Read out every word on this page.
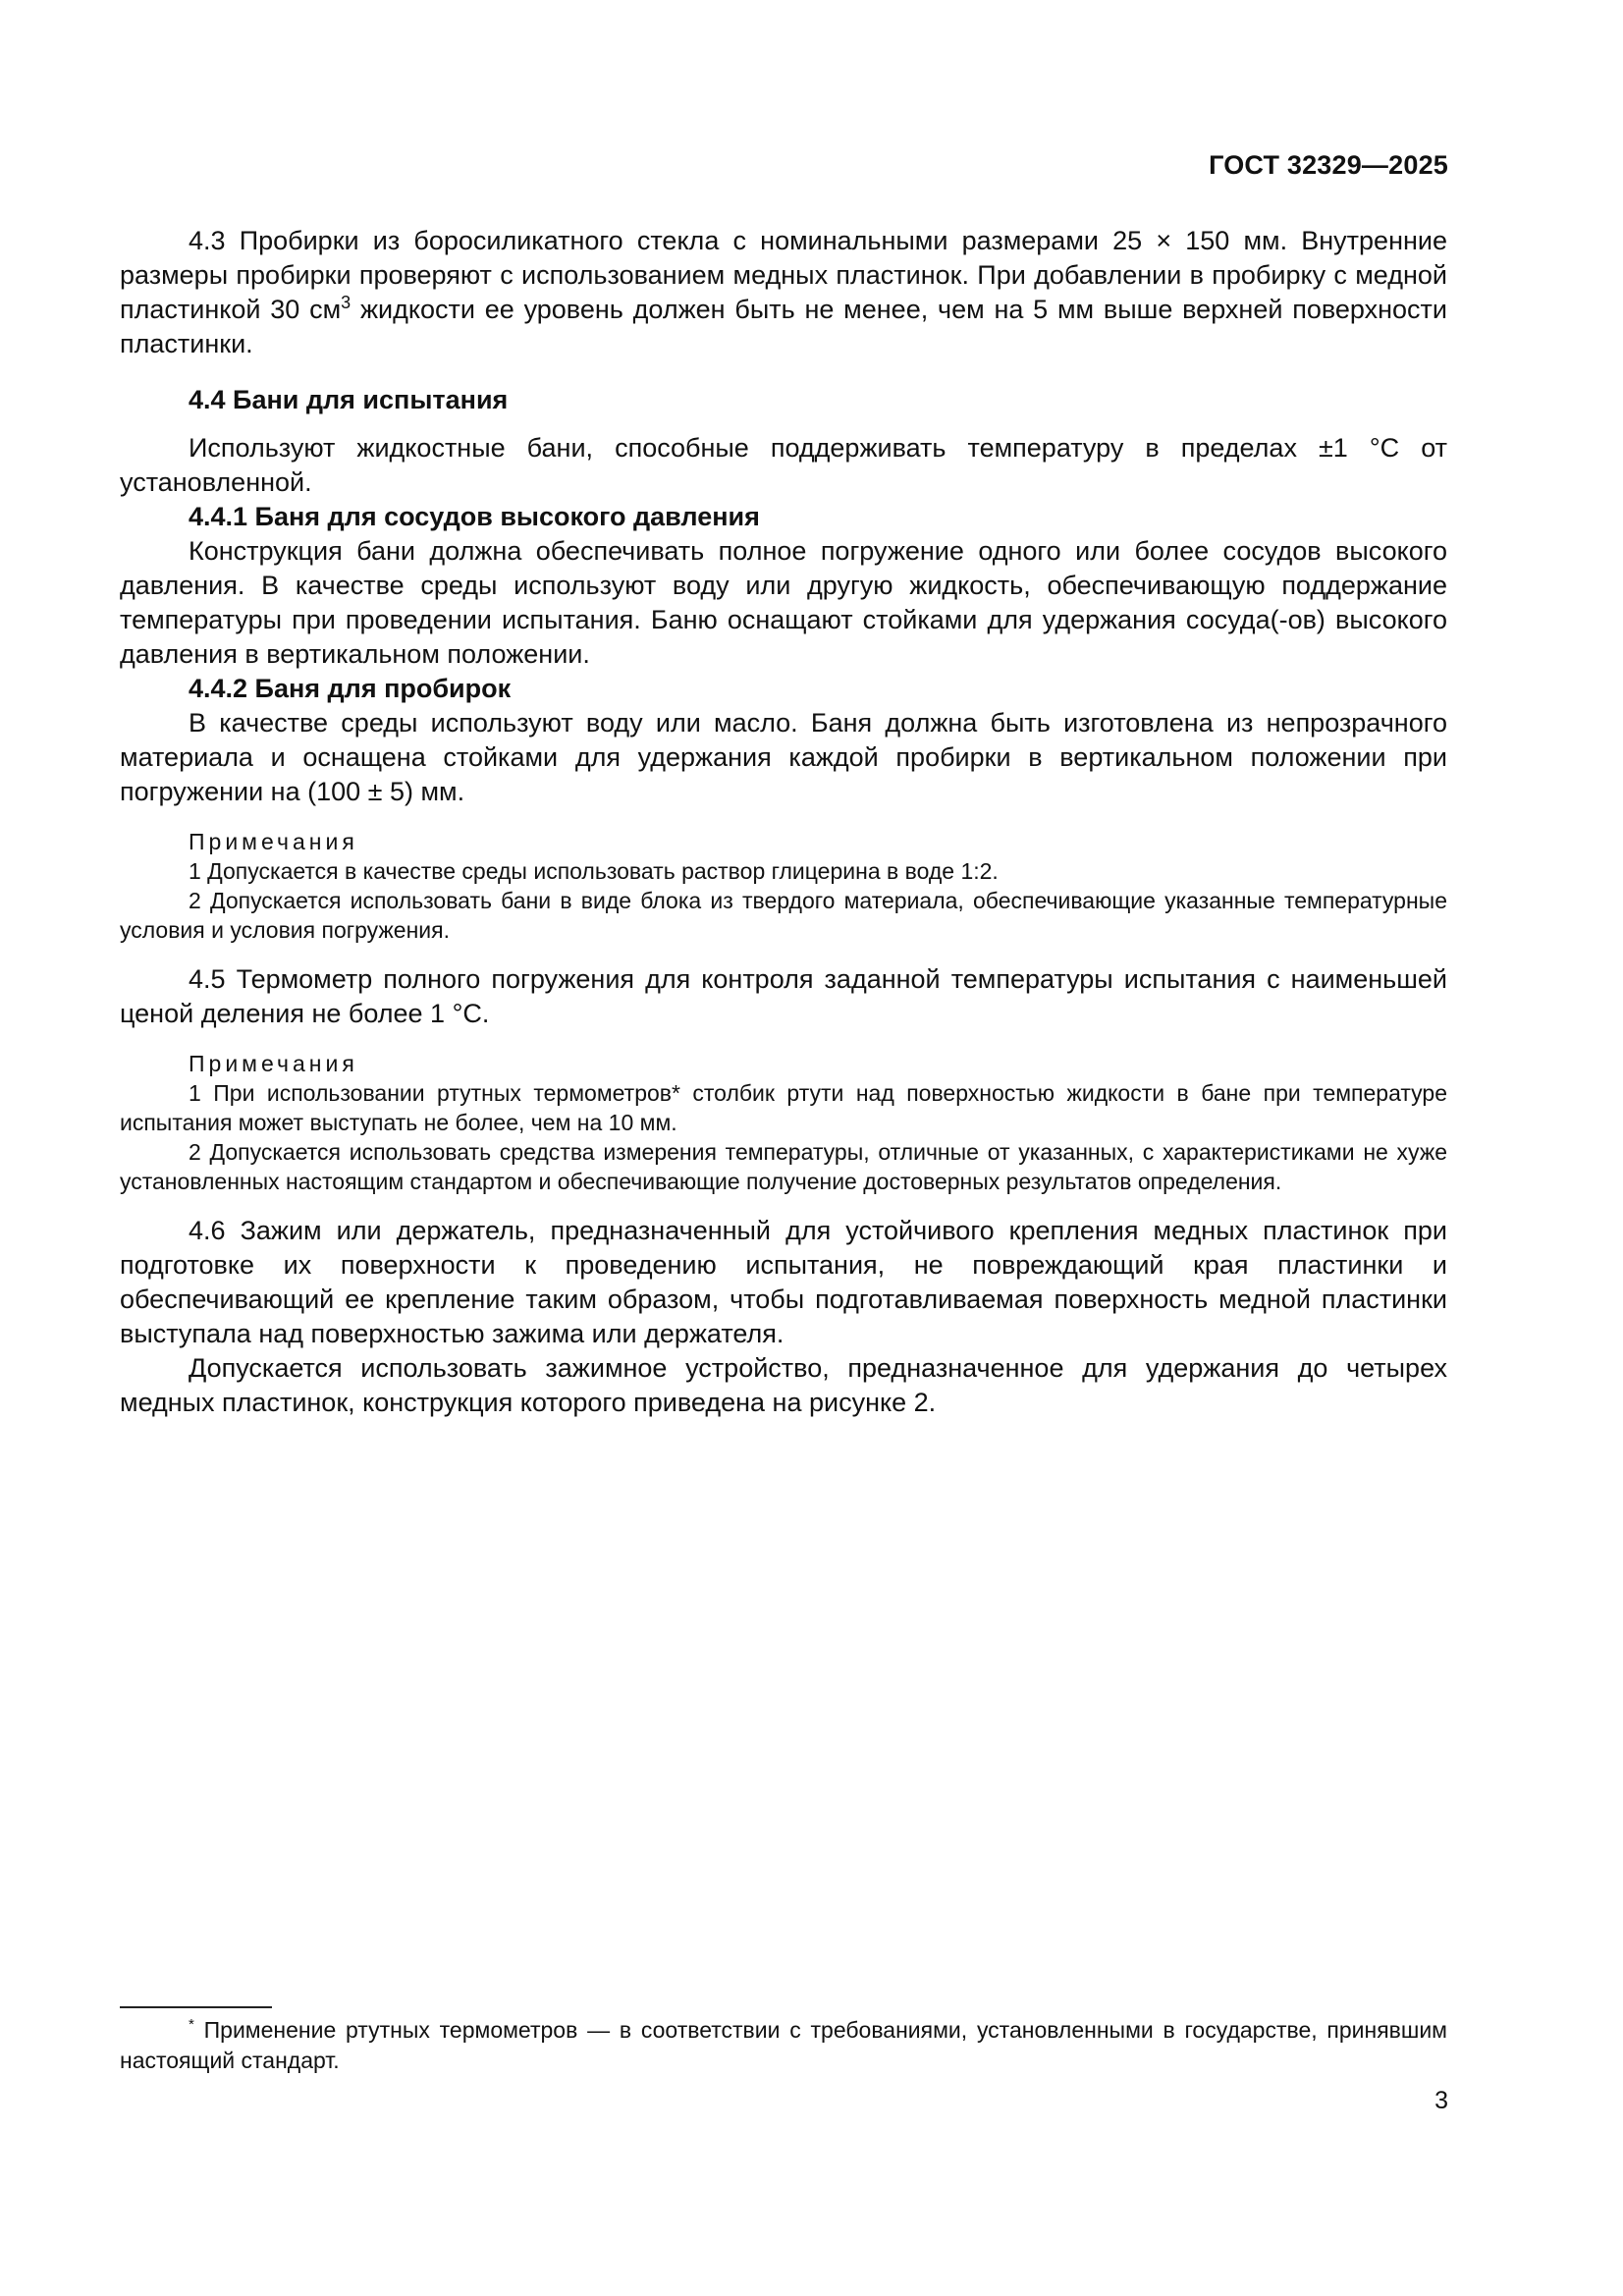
ГОСТ 32329—2025

4.3 Пробирки из боросиликатного стекла с номинальными размерами 25 × 150 мм. Внутренние размеры пробирки проверяют с использованием медных пластинок. При добавлении в пробирку с медной пластинкой 30 $см^3$ жидкости ее уровень должен быть не менее, чем на 5 мм выше верхней поверхности пластинки.

4.4 Бани для испытания

Используют жидкостные бани, способные поддерживать температуру в пределах ±1 °С от установленной.

4.4.1 Баня для сосудов высокого давления

Конструкция бани должна обеспечивать полное погружение одного или более сосудов высокого давления. В качестве среды используют воду или другую жидкость, обеспечивающую поддержание температуры при проведении испытания. Баню оснащают стойками для удержания сосуда(-ов) высокого давления в вертикальном положении.

4.4.2 Баня для пробирок

В качестве среды используют воду или масло. Баня должна быть изготовлена из непрозрачного материала и оснащена стойками для удержания каждой пробирки в вертикальном положении при погружении на (100 ± 5) мм.

Примечания

1 Допускается в качестве среды использовать раствор глицерина в воде 1:2.

2 Допускается использовать бани в виде блока из твердого материала, обеспечивающие указанные температурные условия и условия погружения.

4.5 Термометр полного погружения для контроля заданной температуры испытания с наименьшей ценой деления не более 1 °С.

Примечания

1 При использовании ртутных термометров* столбик ртути над поверхностью жидкости в бане при температуре испытания может выступать не более, чем на 10 мм.

2 Допускается использовать средства измерения температуры, отличные от указанных, с характеристиками не хуже установленных настоящим стандартом и обеспечивающие получение достоверных результатов определения.

4.6 Зажим или держатель, предназначенный для устойчивого крепления медных пластинок при подготовке их поверхности к проведению испытания, не повреждающий края пластинки и обеспечивающий ее крепление таким образом, чтобы подготавливаемая поверхность медной пластинки выступала над поверхностью зажима или держателя.

Допускается использовать зажимное устройство, предназначенное для удержания до четырех медных пластинок, конструкция которого приведена на рисунке 2.

* Применение ртутных термометров — в соответствии с требованиями, установленными в государстве, принявшим настоящий стандарт.

3
